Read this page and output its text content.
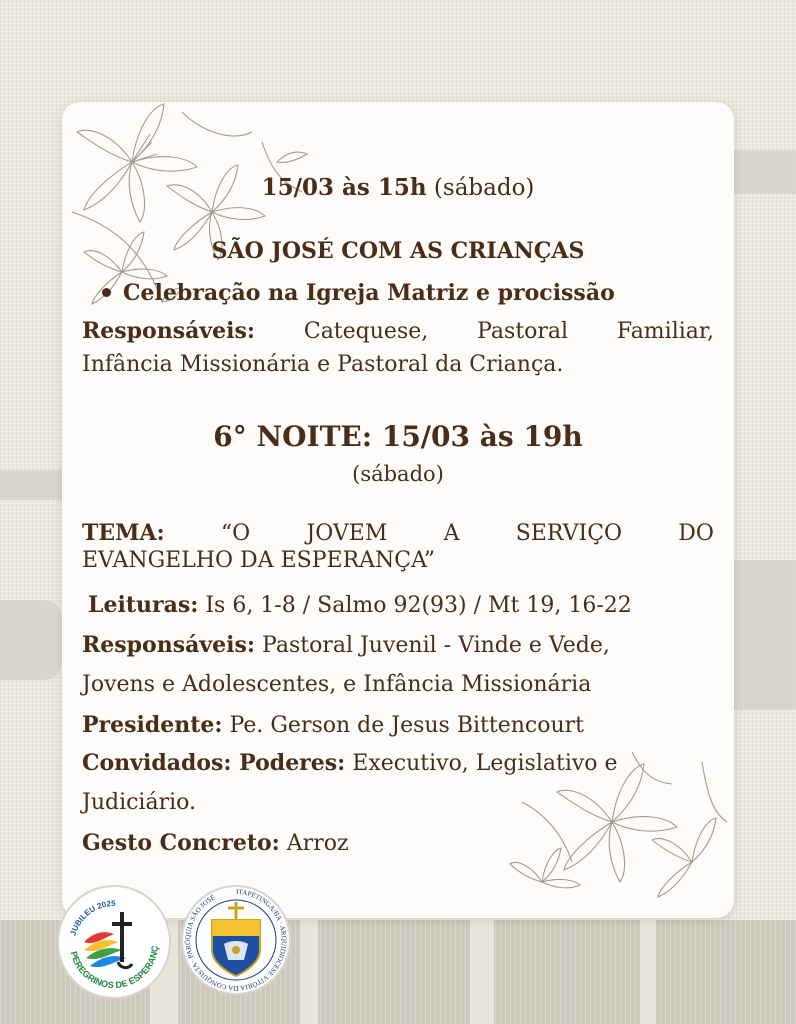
15/03 às 15h (sábado)
SÃO JOSÉ COM AS CRIANÇAS
Celebração na Igreja Matriz e procissão
Responsáveis: Catequese, Pastoral Familiar,
Infância Missionária e Pastoral da Criança.
6° NOITE: 15/03 às 19h
(sábado)
TEMA:	“O	JOVEM	A	SERVIÇO	DO
EVANGELHO DA ESPERANÇA”
Leituras: Is 6, 1-8 / Salmo 92(93) / Mt 19, 16-22
Responsáveis: Pastoral Juvenil - Vinde e Vede,
Jovens e Adolescentes, e Infância Missionária
Presidente: Pe. Gerson de Jesus Bittencourt
Convidados: Poderes: Executivo, Legislativo e
Judiciário.
Gesto Concreto: Arroz
JUBILEU 2025
PEREGRINOS DE ESPERANÇ
ITAPETINGA/BA · ARQUIDIOCESE VITÓRIA DA CONQUISTA · PARÓQUIA SÃO JOSÉ
